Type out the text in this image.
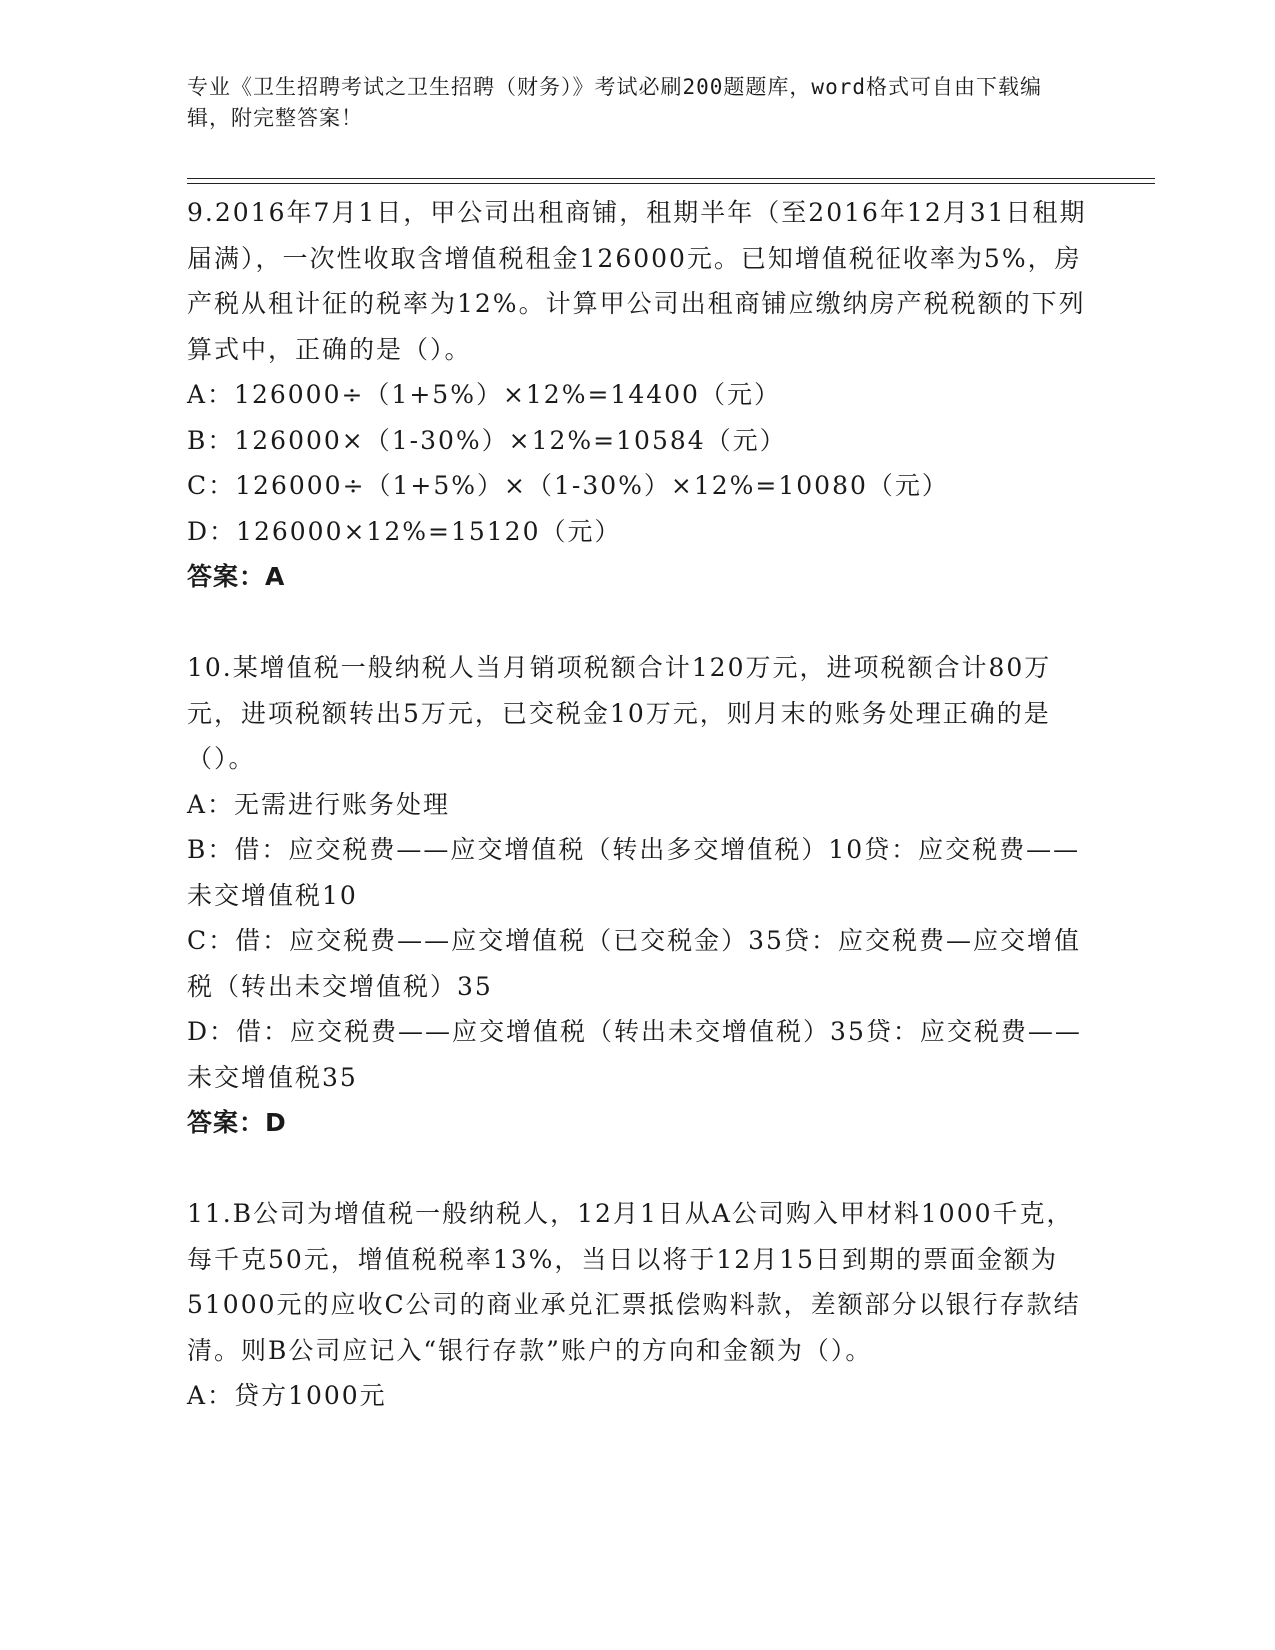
专业《卫生招聘考试之卫生招聘（财务）》考试必刷200题题库，word格式可自由下载编辑，附完整答案！

9.2016年7月1日，甲公司出租商铺，租期半年（至2016年12月31日租期届满），一次性收取含增值税租金126000元。已知增值税征收率为5%，房产税从租计征的税率为12%。计算甲公司出租商铺应缴纳房产税税额的下列算式中，正确的是（）。

A：126000÷（1+5%）×12%=14400（元）

B：126000×（1-30%）×12%=10584（元）

C：126000÷（1+5%）×（1-30%）×12%=10080（元）

D：126000×12%=15120（元）

答案：A

10.某增值税一般纳税人当月销项税额合计120万元，进项税额合计80万元，进项税额转出5万元，已交税金10万元，则月末的账务处理正确的是（）。

A：无需进行账务处理

B：借：应交税费——应交增值税（转出多交增值税）10贷：应交税费——未交增值税10

C：借：应交税费——应交增值税（已交税金）35贷：应交税费—应交增值税（转出未交增值税）35

D：借：应交税费——应交增值税（转出未交增值税）35贷：应交税费——未交增值税35

答案：D

11.B公司为增值税一般纳税人，12月1日从A公司购入甲材料1000千克，每千克50元，增值税税率13%，当日以将于12月15日到期的票面金额为51000元的应收C公司的商业承兑汇票抵偿购料款，差额部分以银行存款结清。则B公司应记入“银行存款”账户的方向和金额为（）。

A：贷方1000元
